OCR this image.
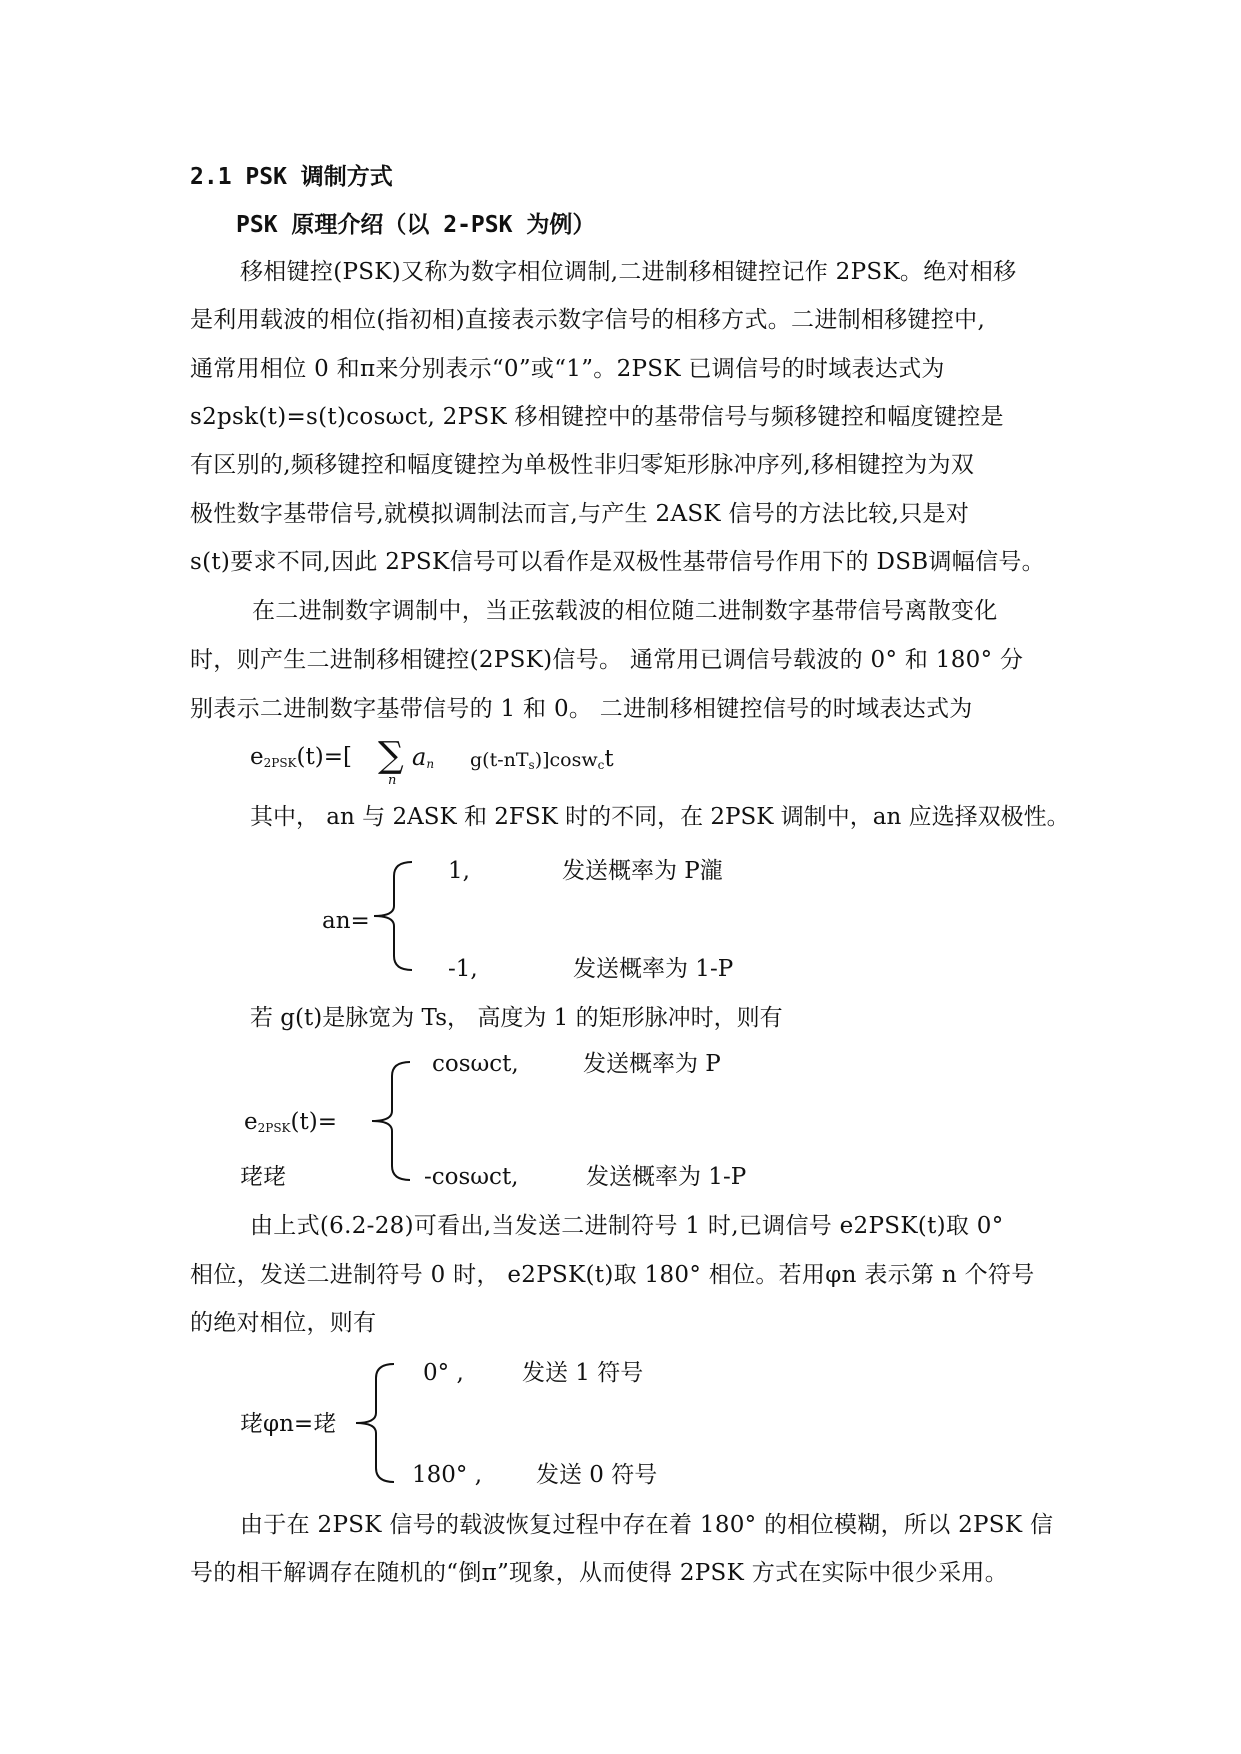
2.1 PSK 调制方式
PSK 原理介绍（以 2-PSK 为例）
移相键控(PSK)又称为数字相位调制,二进制移相键控记作 2PSK。绝对相移
是利用载波的相位(指初相)直接表示数字信号的相移方式。二进制相移键控中,
通常用相位 0 和π来分别表示“0”或“1”。2PSK 已调信号的时域表达式为
s2psk(t)=s(t)cosωct, 2PSK 移相键控中的基带信号与频移键控和幅度键控是
有区别的,频移键控和幅度键控为单极性非归零矩形脉冲序列,移相键控为为双
极性数字基带信号,就模拟调制法而言,与产生 2ASK 信号的方法比较,只是对
s(t)要求不同,因此 2PSK信号可以看作是双极性基带信号作用下的 DSB调幅信号。
在二进制数字调制中，当正弦载波的相位随二进制数字基带信号离散变化
时，则产生二进制移相键控(2PSK)信号。 通常用已调信号载波的 0° 和 180° 分
别表示二进制数字基带信号的 1 和 0。 二进制移相键控信号的时域表达式为
$e_{2PSK}(t)=$[ ∑
n
$a_n$ $g(t-nT_s)]\cos w_ct$
其中， an 与 2ASK 和 2FSK 时的不同，在 2PSK 调制中，an 应选择双极性。
an=
1,	发送概率为 P瀧
-1,	发送概率为 1-P
若 g(t)是脉宽为 Ts， 高度为 1 的矩形脉冲时，则有
$e_{2PSK}(t)=$
珯珯
cosωct,	发送概率为 P
-cosωct,	发送概率为 1-P
由上式(6.2-28)可看出,当发送二进制符号 1 时,已调信号 e2PSK(t)取 0°
相位，发送二进制符号 0 时， e2PSK(t)取 180° 相位。若用φn 表示第 n 个符号
的绝对相位，则有
珯φn=珯
0° ,	发送 1 符号
180° , 发送 0 符号
由于在 2PSK 信号的载波恢复过程中存在着 180° 的相位模糊，所以 2PSK 信
号的相干解调存在随机的“倒π”现象，从而使得 2PSK 方式在实际中很少采用。
